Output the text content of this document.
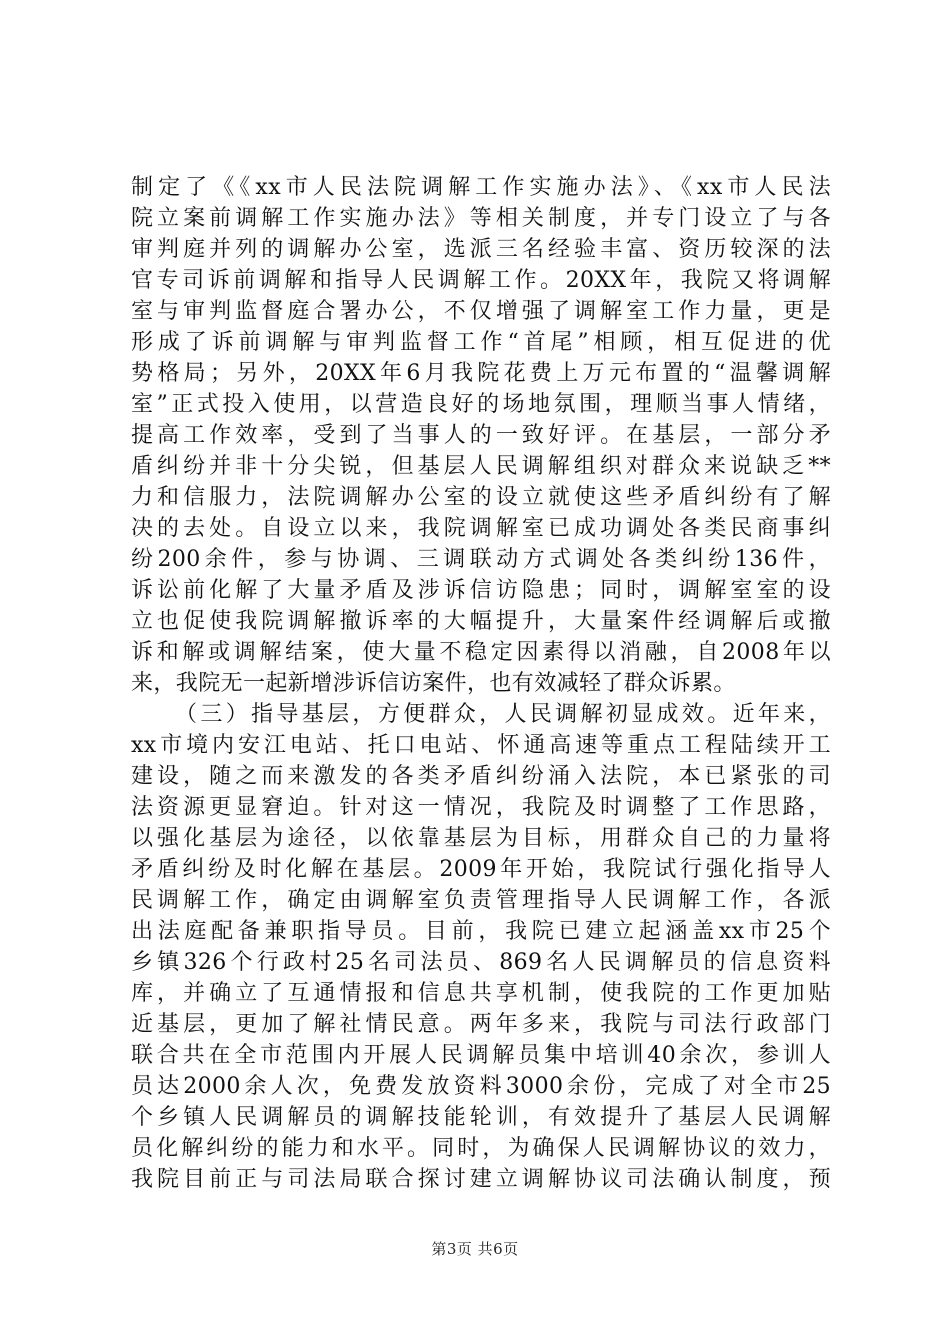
制定了《《xx市人民法院调解工作实施办法》、《xx市人民法
院立案前调解工作实施办法》等相关制度，并专门设立了与各
审判庭并列的调解办公室，选派三名经验丰富、资历较深的法
官专司诉前调解和指导人民调解工作。20XX年，我院又将调解
室与审判监督庭合署办公，不仅增强了调解室工作力量，更是
形成了诉前调解与审判监督工作“首尾”相顾，相互促进的优
势格局；另外，20XX年6月我院花费上万元布置的“温馨调解
室”正式投入使用，以营造良好的场地氛围，理顺当事人情绪，
提高工作效率，受到了当事人的一致好评。在基层，一部分矛
盾纠纷并非十分尖锐，但基层人民调解组织对群众来说缺乏**
力和信服力，法院调解办公室的设立就使这些矛盾纠纷有了解
决的去处。自设立以来，我院调解室已成功调处各类民商事纠
纷200余件，参与协调、三调联动方式调处各类纠纷136件，
诉讼前化解了大量矛盾及涉诉信访隐患；同时，调解室室的设
立也促使我院调解撤诉率的大幅提升，大量案件经调解后或撤
诉和解或调解结案，使大量不稳定因素得以消融，自2008年以
来，我院无一起新增涉诉信访案件，也有效减轻了群众诉累。
（三）指导基层，方便群众，人民调解初显成效。近年来，
xx市境内安江电站、托口电站、怀通高速等重点工程陆续开工
建设，随之而来激发的各类矛盾纠纷涌入法院，本已紧张的司
法资源更显窘迫。针对这一情况，我院及时调整了工作思路，
以强化基层为途径，以依靠基层为目标，用群众自己的力量将
矛盾纠纷及时化解在基层。2009年开始，我院试行强化指导人
民调解工作，确定由调解室负责管理指导人民调解工作，各派
出法庭配备兼职指导员。目前，我院已建立起涵盖xx市25个
乡镇326个行政村25名司法员、869名人民调解员的信息资料
库，并确立了互通情报和信息共享机制，使我院的工作更加贴
近基层，更加了解社情民意。两年多来，我院与司法行政部门
联合共在全市范围内开展人民调解员集中培训40余次，参训人
员达2000余人次，免费发放资料3000余份，完成了对全市25
个乡镇人民调解员的调解技能轮训，有效提升了基层人民调解
员化解纠纷的能力和水平。同时，为确保人民调解协议的效力，
我院目前正与司法局联合探讨建立调解协议司法确认制度，预
第3页 共6页
